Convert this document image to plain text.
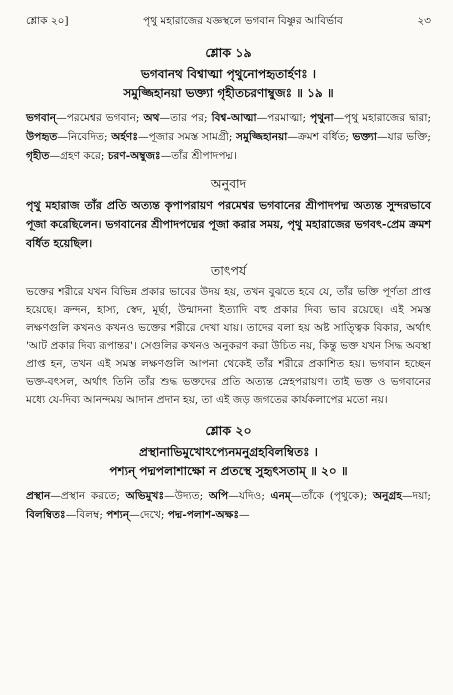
শ্লোক ২০]	পৃথু মহারাজের যজ্ঞস্থলে ভগবান বিষ্ণুর আবির্ভাব	২৩
শ্লোক ১৯
ভগবানথ বিশ্বাত্মা পৃথুনোপহৃতার্হণঃ ।
সমুজ্জিহানয়া ভক্ত্যা গৃহীতচরণাম্বুজঃ ॥ ১৯ ॥
ভগবান্—পরমেশ্বর ভগবান; অথ—তার পর; বিশ্ব-আত্মা—পরমাত্মা; পৃথুনা—পৃথু মহারাজের দ্বারা; উপহৃত—নিবেদিত; অর্হণঃ—পূজার সমস্ত সামগ্রী; সমুজ্জিহানয়া—ক্রমশ বর্ধিত; ভক্ত্যা—যার ভক্তি; গৃহীত—গ্রহণ করে; চরণ-অম্বুজঃ—তাঁর শ্রীপাদপদ্ম।
অনুবাদ
পৃথু মহারাজ তাঁর প্রতি অত্যন্ত কৃপাপরায়ণ পরমেশ্বর ভগবানের শ্রীপাদপদ্ম অত্যন্ত সুন্দরভাবে পূজা করেছিলেন। ভগবানের শ্রীপাদপদ্মের পূজা করার সময়, পৃথু মহারাজের ভগবৎ-প্রেম ক্রমশ বর্ধিত হয়েছিল।
তাৎপর্য
ভক্তের শরীরে যখন বিভিন্ন প্রকার ভাবের উদয় হয়, তখন বুঝতে হবে যে, তাঁর ভক্তি পূর্ণতা প্রাপ্ত হয়েছে। ক্রন্দন, হাস্য, স্বেদ, মূর্ছা, উন্মাদনা ইত্যাদি বহু প্রকার দিব্য ভাব রয়েছে। এই সমস্ত লক্ষণগুলি কখনও কখনও ভক্তের শরীরে দেখা যায়। তাদের বলা হয় অষ্ট সাত্ত্বিক বিকার, অর্থাৎ 'আট প্রকার দিব্য রূপান্তর'। সেগুলির কখনও অনুকরণ করা উচিত নয়, কিন্তু ভক্ত যখন সিদ্ধ অবস্থা প্রাপ্ত হন, তখন এই সমস্ত লক্ষণগুলি আপনা থেকেই তাঁর শরীরে প্রকাশিত হয়। ভগবান হচ্ছেন ভক্ত-বৎসল, অর্থাৎ তিনি তাঁর শুদ্ধ ভক্তদের প্রতি অত্যন্ত স্নেহপরায়ণ। তাই ভক্ত ও ভগবানের মধ্যে যে-দিব্য আনন্দময় আদান প্রদান হয়, তা এই জড় জগতের কার্যকলাপের মতো নয়।
শ্লোক ২০
প্রস্থানাভিমুখোঽপ্যেনমনুগ্রহবিলম্বিতঃ ।
পশ্যন্ পদ্মপলাশাক্ষো ন প্রতস্থে সুহৃৎসতাম্ ॥ ২০ ॥
প্রস্থান—প্রস্থান করতে; অভিমুখঃ—উদ্যত; অপি—যদিও; এনম্—তাঁকে (পৃথুকে); অনুগ্রহ—দয়া; বিলম্বিতঃ—বিলম্ব; পশ্যন্—দেখে; পদ্ম-পলাশ-অক্ষঃ—
